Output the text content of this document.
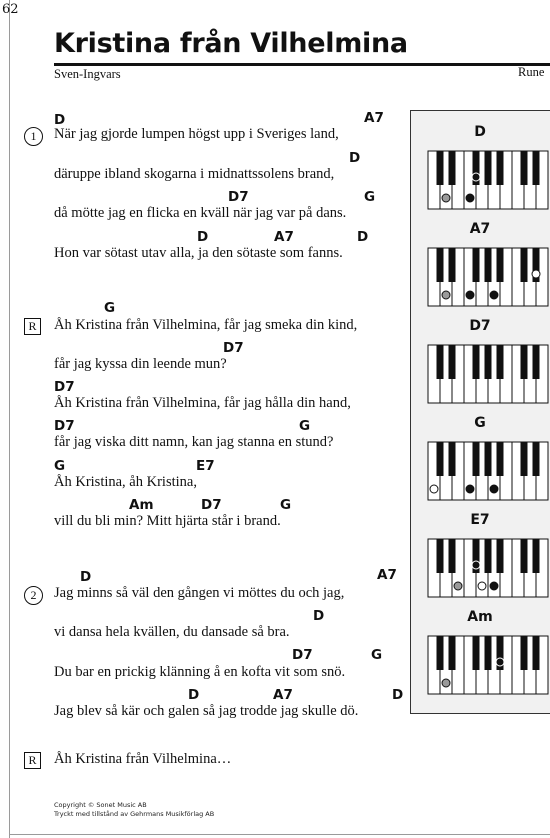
62
Kristina från Vilhelmina
Sven-Ingvars	Rune
1
D	A7
När jag gjorde lumpen högst upp i Sveriges land,
D
däruppe ibland skogarna i midnattssolens brand,
D7	G
då mötte jag en flicka en kväll när jag var på dans.
D	A7	D
Hon var sötast utav alla, ja den sötaste som fanns.
R
G
Åh Kristina från Vilhelmina, får jag smeka din kind,
D7
får jag kyssa din leende mun?
D7
Åh Kristina från Vilhelmina, får jag hålla din hand,
D7	G
får jag viska ditt namn, kan jag stanna en stund?
G	E7
Åh Kristina, åh Kristina,
Am	D7	G
vill du bli min? Mitt hjärta står i brand.
2
D	A7
Jag minns så väl den gången vi möttes du och jag,
D
vi dansa hela kvällen, du dansade så bra.
D7	G
Du bar en prickig klänning å en kofta vit som snö.
D	A7	D
Jag blev så kär och galen så jag trodde jag skulle dö.
R	Åh Kristina från Vilhelmina…
D
A7
D7
G
E7
Am
Copyright © Sonet Music AB
Tryckt med tillstånd av Gehrmans Musikförlag AB
